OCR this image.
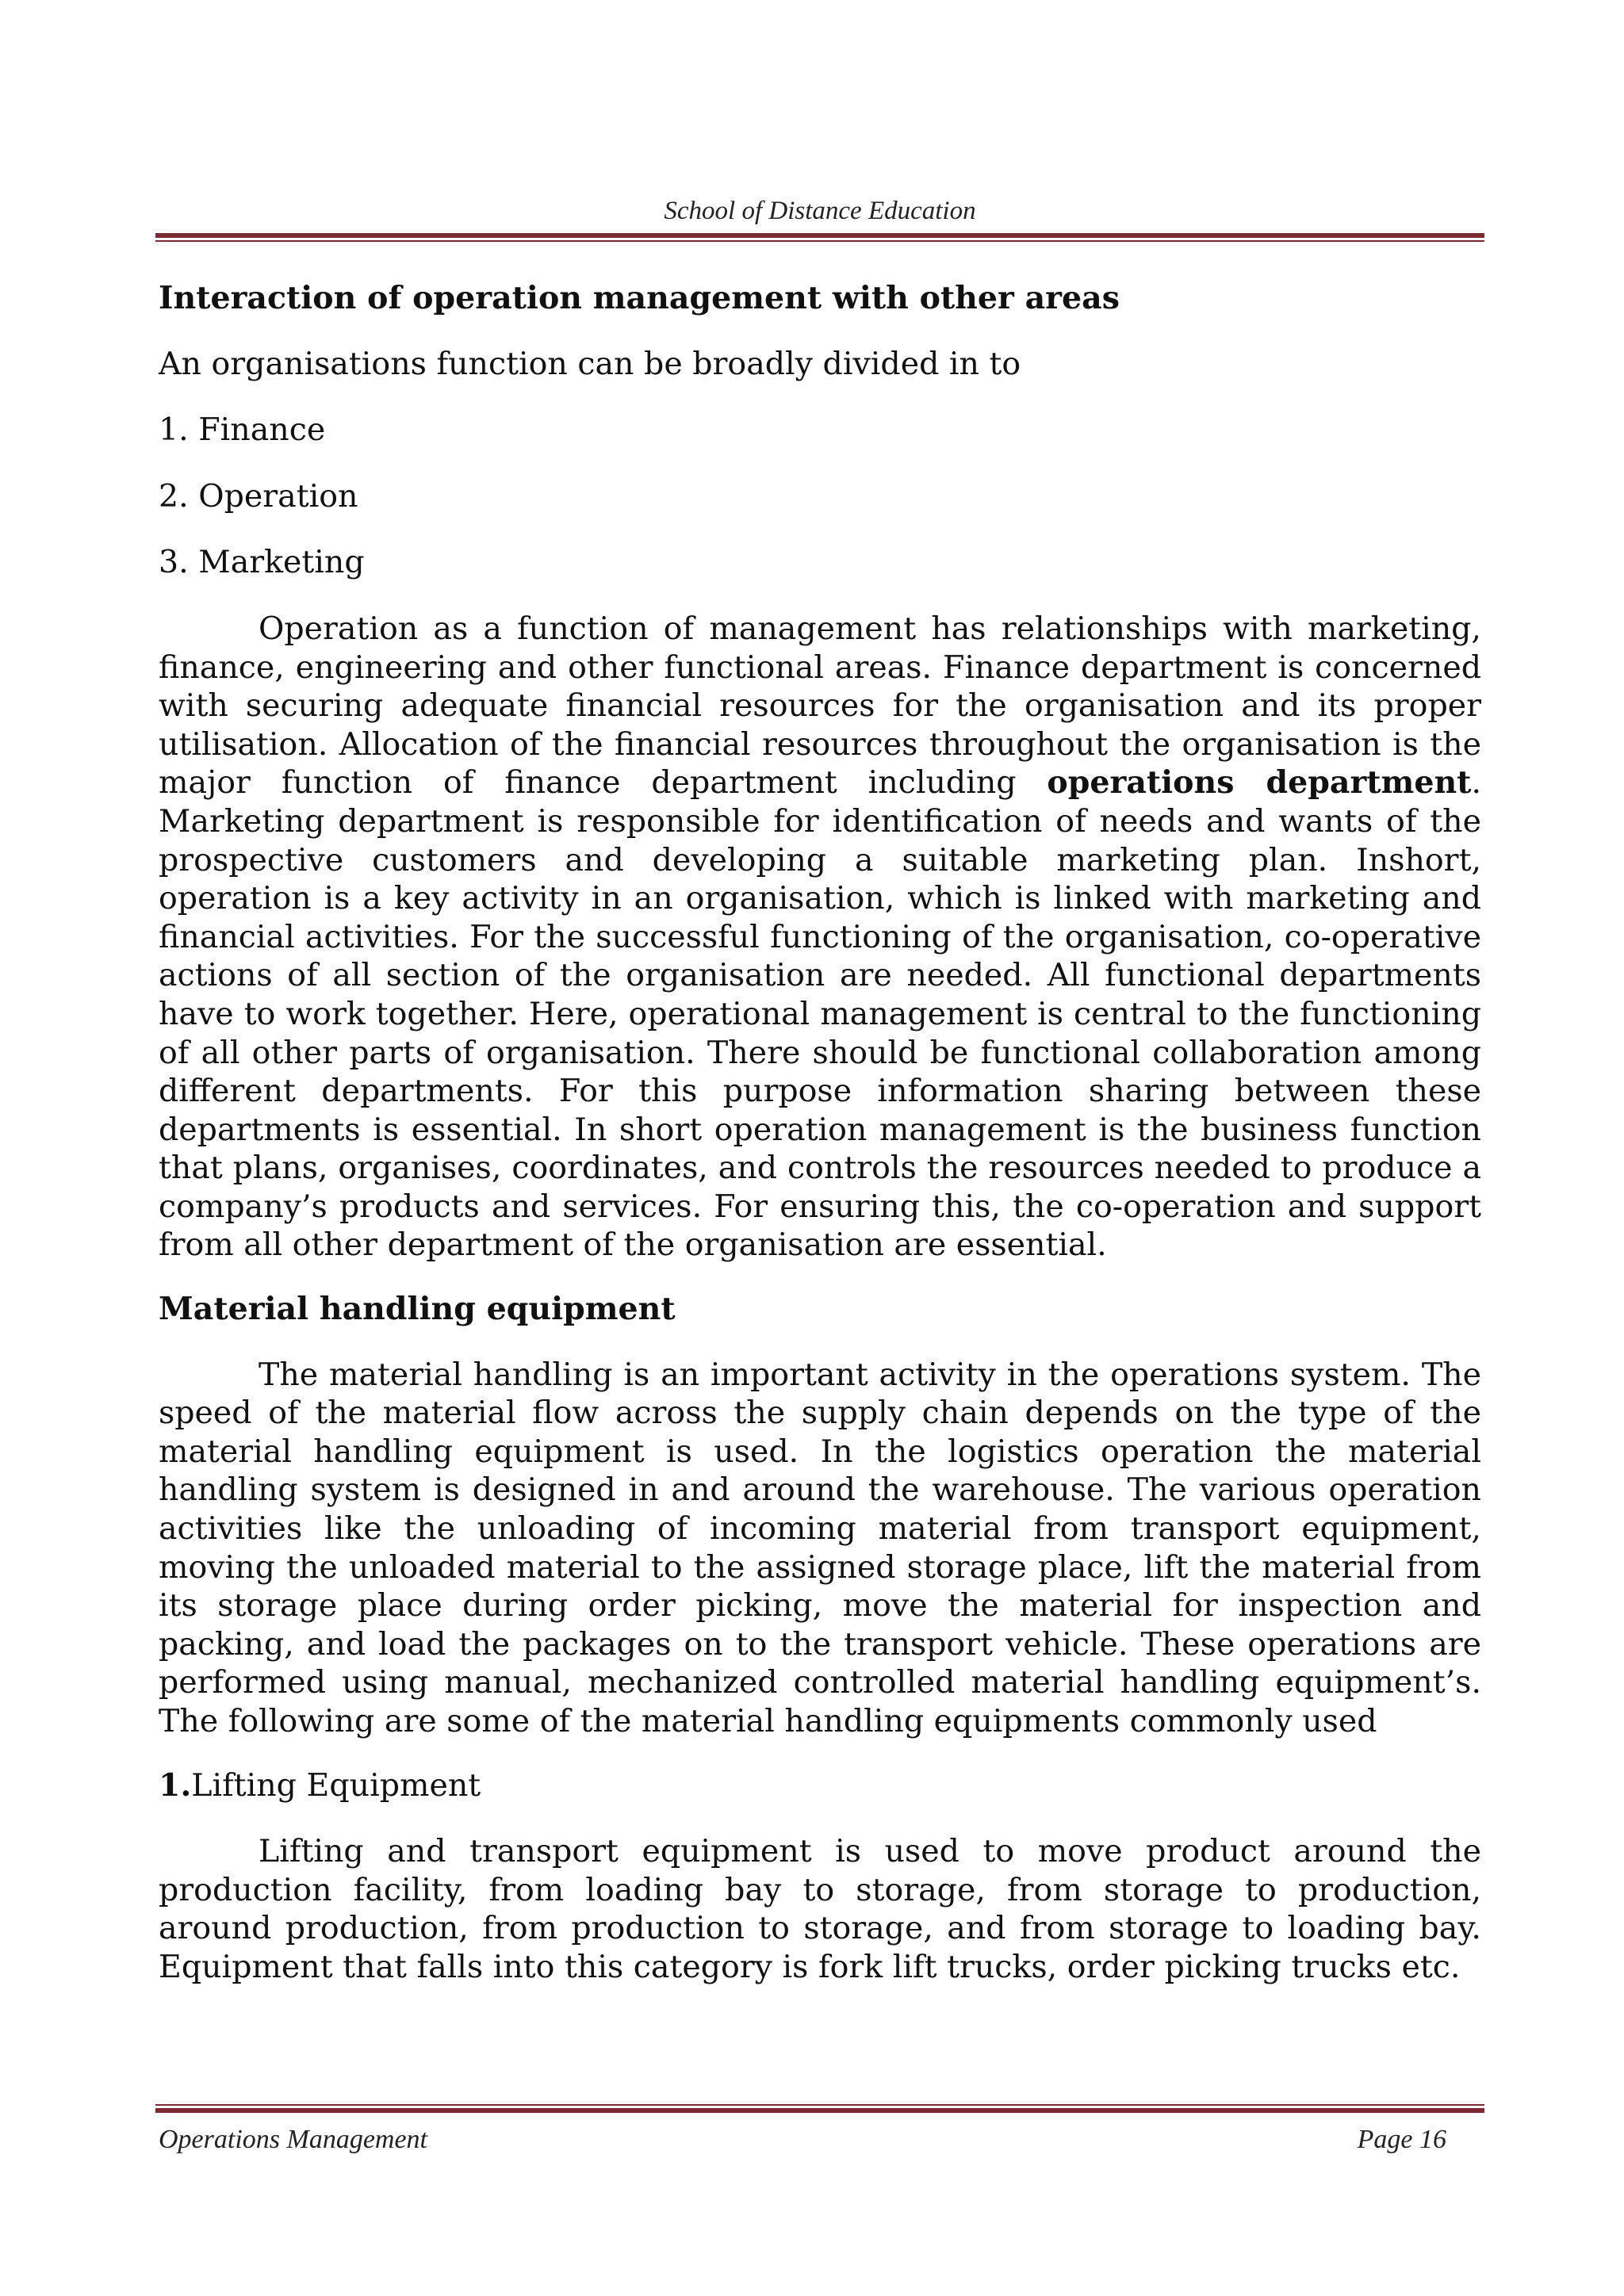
School of Distance Education

Interaction of operation management with other areas

An organisations function can be broadly divided in to

1. Finance

2. Operation

3. Marketing

Operation as a function of management has relationships with marketing, finance, engineering and other functional areas. Finance department is concerned with securing adequate financial resources for the organisation and its proper utilisation. Allocation of the financial resources throughout the organisation is the major function of finance department including operations department. Marketing department is responsible for identification of needs and wants of the prospective customers and developing a suitable marketing plan. Inshort, operation is a key activity in an organisation, which is linked with marketing and financial activities. For the successful functioning of the organisation, co-operative actions of all section of the organisation are needed. All functional departments have to work together. Here, operational management is central to the functioning of all other parts of organisation. There should be functional collaboration among different departments. For this purpose information sharing between these departments is essential. In short operation management is the business function that plans, organises, coordinates, and controls the resources needed to produce a company’s products and services. For ensuring this, the co-operation and support from all other department of the organisation are essential.

Material handling equipment

The material handling is an important activity in the operations system. The speed of the material flow across the supply chain depends on the type of the material handling equipment is used. In the logistics operation the material handling system is designed in and around the warehouse. The various operation activities like the unloading of incoming material from transport equipment, moving the unloaded material to the assigned storage place, lift the material from its storage place during order picking, move the material for inspection and packing, and load the packages on to the transport vehicle. These operations are performed using manual, mechanized controlled material handling equipment’s. The following are some of the material handling equipments commonly used

1.Lifting Equipment

Lifting and transport equipment is used to move product around the production facility, from loading bay to storage, from storage to production, around production, from production to storage, and from storage to loading bay. Equipment that falls into this category is fork lift trucks, order picking trucks etc.

Operations Management	Page 16
